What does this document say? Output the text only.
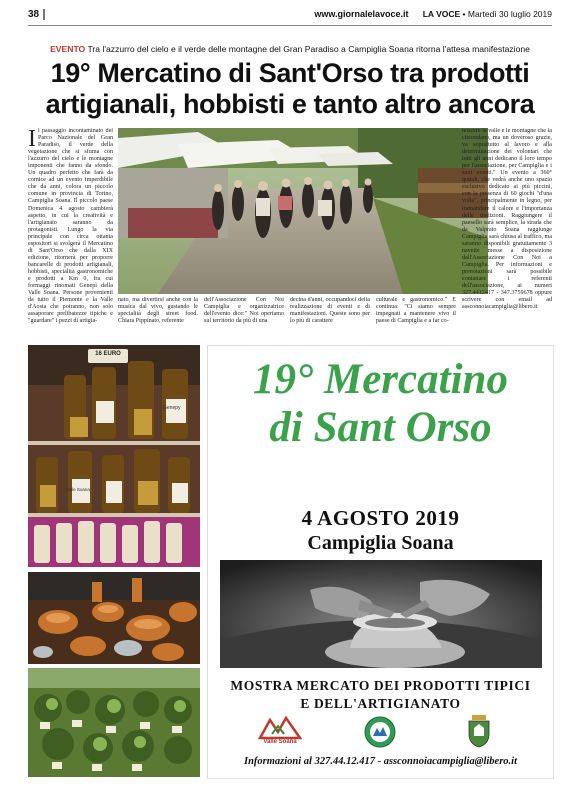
38	www.giornalelavoce.it LA VOCE • Martedì 30 luglio 2019
EVENTO Tra l'azzurro del cielo e il verde delle montagne del Gran Paradiso a Campiglia Soana ritorna l'attesa manifestazione
19° Mercatino di Sant'Orso tra prodotti
artigianali, hobbisti e tanto altro ancora
I l passaggio incontaminato del Parco Nazionale del Gran Paradiso, il verde della vegetazione che si sfuma con l'azzurro del cielo e le montagne imponenti che fanno da sfondo. Un quadro perfetto che farà da cornice ad un evento imperdibile che da anni, colora un piccolo comune in provincia di Torino, Campiglia Soana. Il piccolo paese Domenica 4 agosto cambierà aspetto, in cui la creatività e l'artigianato saranno da protagonisti. Lungo la via principale con circa ottanta espositori si svolgerà il Mercatino di Sant'Orso che dalla XIX edizione, ritornerà per proporre bancarelle di prodotti artigianali, hobbisti, specialità gastronomiche e prodotti a Km 0, fra cui formaggi rinomati Genepì della Valle Soana. Persone provenienti da tutto il Piemonte e la Valle d'Aosta che potranno, non solo assaporare prelibatezze tipiche e "guardare" i pezzi di artigia-
nato, ma divertirsi anche con la musica dal vivo, gustando le specialità degli street food. Chiara Pippinato, referente
dell'Associazione Con Noi Campiglia e organizzatrice dell'evento dice:" Noi operiamo sul territorio da più di una
decina d'anni, occupandoci della realizzazione di eventi e di manifestazioni. Queste sono per lo più di carattere
culturale e gastronomico." E continua: "Ci siamo sempre impegnati a mantenere vivo il paese di Campiglia e a far co-
noscere la valle e le montagne che la circondano, ma un doveroso grazie, va soprattutto al lavoro e alla determinazione dei volontari che tutti gli anni dedicano il loro tempo per l'associazione, per Campiglia e i suoi eventi." Un evento a 360° quindi, che vedrà anche uno spazio esclusivo dedicato ai più piccini, con la presenza di 60 giochi "d'una volta", principalmente in legno, per tramandare il calore e l'importanza delle tradizioni. Raggiungere il paesello sarà semplice, la strada che da Valprato Soana raggiunge Campiglia sarà chiusa al traffico, ma saranno disponibili gratuitamente 3 navette messe a disposizione dall'Associazione Con Noi a Campiglia. Per informazioni e prenotazioni sarà possibile contattare i referenti dell'associazione, ai numeri 327.4412417 - 347.3759678 oppure scrivere con email ad assconnoiacampiglia@libero.it
16 EURO
Genepy
Valle Soana
19° Mercatino
di Sant Orso
4 AGOSTO 2019
Campiglia Soana
MOSTRA MERCATO DEI PRODOTTI TIPICI
E DELL'ARTIGIANATO
Valle Soana
Informazioni al 327.44.12.417 - assconnoiacampiglia@libero.it
